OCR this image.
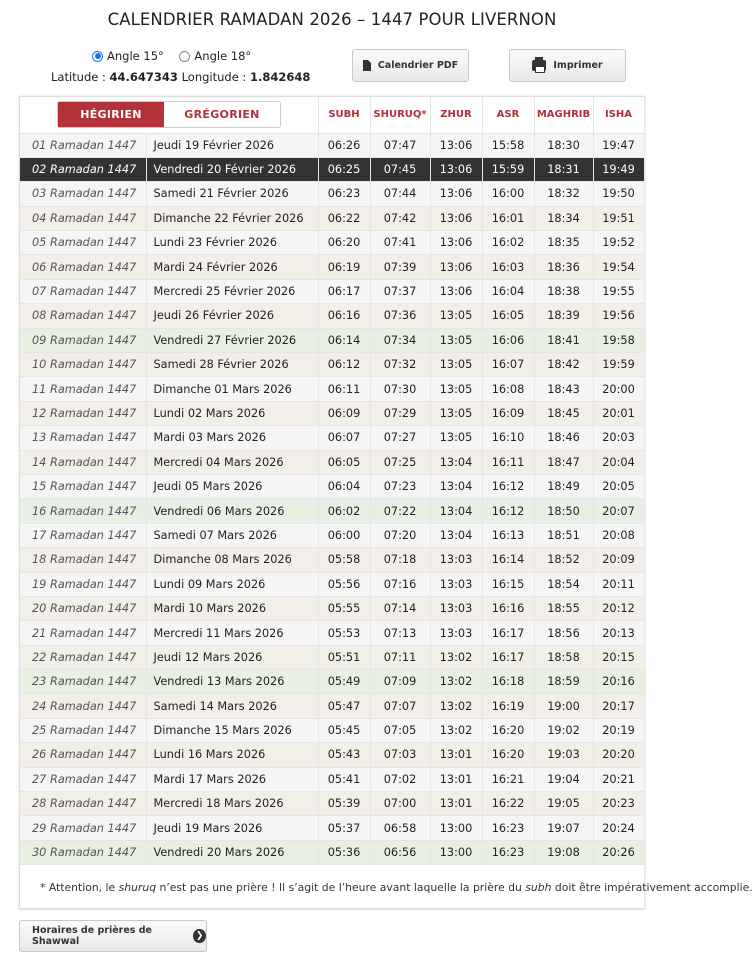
CALENDRIER RAMADAN 2026 – 1447 POUR LIVERNON
Angle 15°
	Angle 18°
Latitude : 44.647343 Longitude : 1.842648
Calendrier PDF	Imprimer
HÉGIRIEN GRÉGORIEN		SUBH	SHURUQ*	ZHUR	ASR	MAGHRIB	ISHA
01 Ramadan 1447	Jeudi 19 Février 2026	06:26	07:47	13:06	15:58	18:30	19:47
02 Ramadan 1447	Vendredi 20 Février 2026	06:25	07:45	13:06	15:59	18:31	19:49
03 Ramadan 1447	Samedi 21 Février 2026	06:23	07:44	13:06	16:00	18:32	19:50
04 Ramadan 1447	Dimanche 22 Février 2026	06:22	07:42	13:06	16:01	18:34	19:51
05 Ramadan 1447	Lundi 23 Février 2026	06:20	07:41	13:06	16:02	18:35	19:52
06 Ramadan 1447	Mardi 24 Février 2026	06:19	07:39	13:06	16:03	18:36	19:54
07 Ramadan 1447	Mercredi 25 Février 2026	06:17	07:37	13:06	16:04	18:38	19:55
08 Ramadan 1447	Jeudi 26 Février 2026	06:16	07:36	13:05	16:05	18:39	19:56
09 Ramadan 1447	Vendredi 27 Février 2026	06:14	07:34	13:05	16:06	18:41	19:58
10 Ramadan 1447	Samedi 28 Février 2026	06:12	07:32	13:05	16:07	18:42	19:59
11 Ramadan 1447	Dimanche 01 Mars 2026	06:11	07:30	13:05	16:08	18:43	20:00
12 Ramadan 1447	Lundi 02 Mars 2026	06:09	07:29	13:05	16:09	18:45	20:01
13 Ramadan 1447	Mardi 03 Mars 2026	06:07	07:27	13:05	16:10	18:46	20:03
14 Ramadan 1447	Mercredi 04 Mars 2026	06:05	07:25	13:04	16:11	18:47	20:04
15 Ramadan 1447	Jeudi 05 Mars 2026	06:04	07:23	13:04	16:12	18:49	20:05
16 Ramadan 1447	Vendredi 06 Mars 2026	06:02	07:22	13:04	16:12	18:50	20:07
17 Ramadan 1447	Samedi 07 Mars 2026	06:00	07:20	13:04	16:13	18:51	20:08
18 Ramadan 1447	Dimanche 08 Mars 2026	05:58	07:18	13:03	16:14	18:52	20:09
19 Ramadan 1447	Lundi 09 Mars 2026	05:56	07:16	13:03	16:15	18:54	20:11
20 Ramadan 1447	Mardi 10 Mars 2026	05:55	07:14	13:03	16:16	18:55	20:12
21 Ramadan 1447	Mercredi 11 Mars 2026	05:53	07:13	13:03	16:17	18:56	20:13
22 Ramadan 1447	Jeudi 12 Mars 2026	05:51	07:11	13:02	16:17	18:58	20:15
23 Ramadan 1447	Vendredi 13 Mars 2026	05:49	07:09	13:02	16:18	18:59	20:16
24 Ramadan 1447	Samedi 14 Mars 2026	05:47	07:07	13:02	16:19	19:00	20:17
25 Ramadan 1447	Dimanche 15 Mars 2026	05:45	07:05	13:02	16:20	19:02	20:19
26 Ramadan 1447	Lundi 16 Mars 2026	05:43	07:03	13:01	16:20	19:03	20:20
27 Ramadan 1447	Mardi 17 Mars 2026	05:41	07:02	13:01	16:21	19:04	20:21
28 Ramadan 1447	Mercredi 18 Mars 2026	05:39	07:00	13:01	16:22	19:05	20:23
29 Ramadan 1447	Jeudi 19 Mars 2026	05:37	06:58	13:00	16:23	19:07	20:24
30 Ramadan 1447	Vendredi 20 Mars 2026	05:36	06:56	13:00	16:23	19:08	20:26
* Attention, le shuruq n’est pas une prière ! Il s’agit de l’heure avant laquelle la prière du subh doit être impérativement accomplie.							
Horaires de prières de Shawwal	❯
